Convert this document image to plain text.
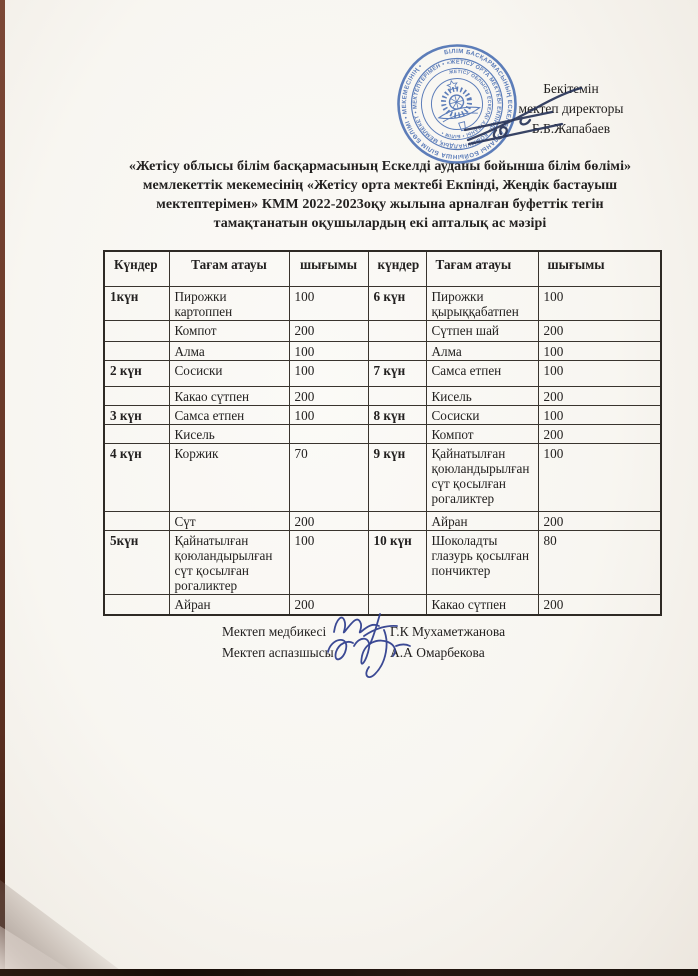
БІЛІМ БАСҚАРМАСЫНЫҢ ЕСКЕЛДІ АУДАНЫ БОЙЫНША БІЛІМ БӨЛІМІ • МЕКЕМЕСІНІҢ •	«ЖЕТІСУ ОРТА МЕКТЕБІ ЕКПІНДІ» КОММУНАЛДЫҚ МЕМЛЕКЕТ • МЕКТЕПТЕРІМЕН •
ЖЕТІСУ ОБЛЫСЫ ЕСКЕЛДІ АУДАНЫ • БІЛІМ •
Бекітемін
мектеп директоры
Б.Б.Жапабаев
«Жетісу облысы білім басқармасының Ескелді ауданы бойынша білім бөлімі»
мемлекеттік мекемесінің «Жетісу орта мектебі Екпінді, Жеңдік бастауыш
мектептерімен» КММ 2022-2023оқу жылына арналған буфеттік тегін
тамақтанатын оқушылардың екі апталық ас мәзірі
Күндер	Тағам атауы	шығымы	күндер	Тағам атауы	шығымы
1күн	Пирожки картоппен	100	6 күн	Пирожки қырыққабатпен	100
	Компот	200		Сүтпен шай	200
	Алма	100		Алма	100
2 күн	Сосиски	100	7 күн	Самса етпен	100
	Какао сүтпен	200		Кисель	200
3 күн	Самса етпен	100	8 күн	Сосиски	100
	Кисель			Компот	200
4 күн	Коржик	70	9 күн	Қайнатылған қоюландырылған сүт қосылған рогаликтер	100
	Сүт	200		Айран	200
5күн	Қайнатылған қоюландырылған сүт қосылған рогаликтер	100	10 күн	Шоколадты глазурь қосылған пончиктер	80
	Айран	200		Какао сүтпен	200
Мектеп медбикесі	Г.К Мухаметжанова
Мектеп аспазшысы	А.А Омарбекова
